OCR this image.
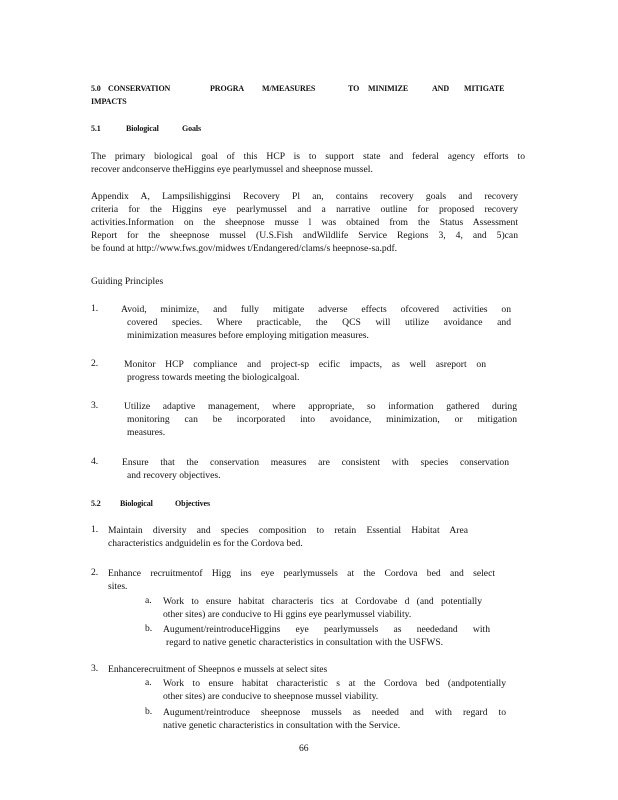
5.0 CONSERVATION	PROGRA M/MEASURES	TO MINIMIZE	AND MITIGATE
IMPACTS
5.1	Biological	Goals
The primary biological goal of this HCP is to support state and federal agency efforts to
recover andconserve theHiggins eye pearlymussel and sheepnose mussel.
Appendix A, Lampsilishigginsi Recovery Pl an, contains recovery goals and recovery
criteria for the Higgins eye pearlymussel and a narrative outline for proposed recovery
activities.Information on the sheepnose musse l was obtained from the Status Assessment
Report for the sheepnose mussel (U.S.Fish andWildlife Service Regions 3, 4, and 5)can
be found at http://www.fws.gov/midwes t/Endangered/clams/s heepnose-sa.pdf.
Guiding Principles
1. Avoid, minimize, and fully mitigate adverse effects ofcovered activities on
covered species. Where practicable, the QCS will utilize avoidance and
minimization measures before employing mitigation measures.
2.	Monitor HCP compliance and project-sp ecific impacts, as well asreport on
progress towards meeting the biologicalgoal.
3.	Utilize adaptive management, where appropriate, so information gathered during
monitoring can be incorporated into avoidance, minimization, or mitigation
measures.
4. Ensure that the conservation measures are consistent with species conservation
and recovery objectives.
5.2 Biological	Objectives
1. Maintain diversity and species composition to retain Essential Habitat Area
characteristics andguidelin es for the Cordova bed.
2. Enhance recruitmentof Higg ins eye pearlymussels at the Cordova bed and select
sites.
a. Work to ensure habitat characteris tics at Cordovabe d (and potentially
other sites) are conducive to Hi ggins eye pearlymussel viability.
b. Augument/reintroduceHiggins eye pearlymussels as neededand with
regard to native genetic characteristics in consultation with the USFWS.
3. Enhancerecruitment of Sheepnos e mussels at select sites
a. Work to ensure habitat characteristic s at the Cordova bed (andpotentially
other sites) are conducive to sheepnose mussel viability.
b. Augument/reintroduce sheepnose mussels as needed and with regard to
native genetic characteristics in consultation with the Service.
66
